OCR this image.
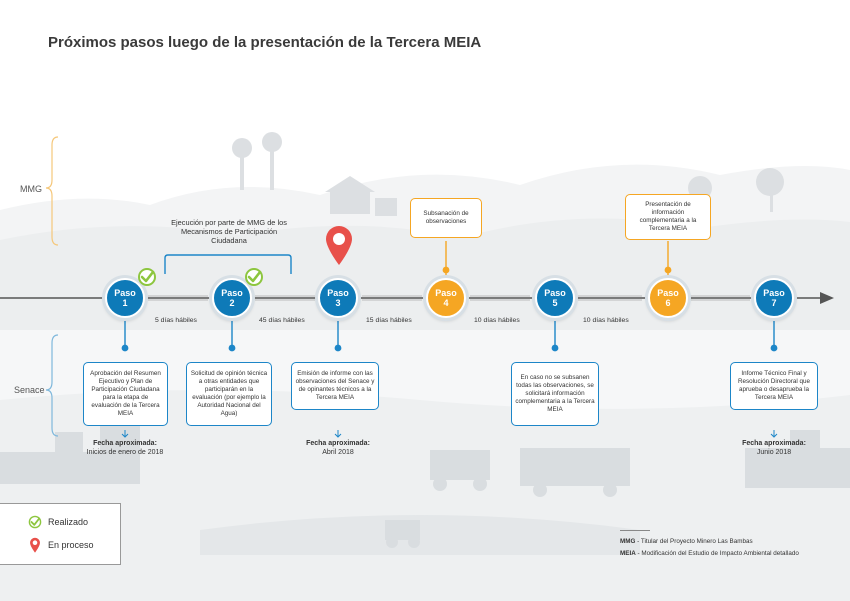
Próximos pasos luego de la presentación de la Tercera MEIA
MMG
Senace
Ejecución por parte de MMG de los Mecanismos de Participación Ciudadana
Subsanación de observaciones
Presentación de información complementaria a la Tercera MEIA
Aprobación del Resumen Ejecutivo y Plan de Participación Ciudadana para la etapa de evaluación de la Tercera MEIA
Solicitud de opinión técnica a otras entidades que participarán en la evaluación (por ejemplo la Autoridad Nacional del Agua)
Emisión de informe con las observaciones del Senace y de opinantes técnicos a la Tercera MEIA
En caso no se subsanen todas las observaciones, se solicitará información complementaria a la Tercera MEIA
Informe Técnico Final y Resolución Directoral que aprueba o desaprueba la Tercera MEIA
Paso
1
Paso
2
Paso
3
Paso
4
Paso
5
Paso
6
Paso
7
5 días hábiles	45 días hábiles	15 días hábiles	10 días hábiles	10 días hábiles
Fecha aproximada:
Inicios de enero de 2018
Fecha aproximada:
Abril 2018
Fecha aproximada:
Junio 2018
Realizado
En proceso	MMG - Titular del Proyecto Minero Las Bambas
MEIA - Modificación del Estudio de Impacto Ambiental detallado
